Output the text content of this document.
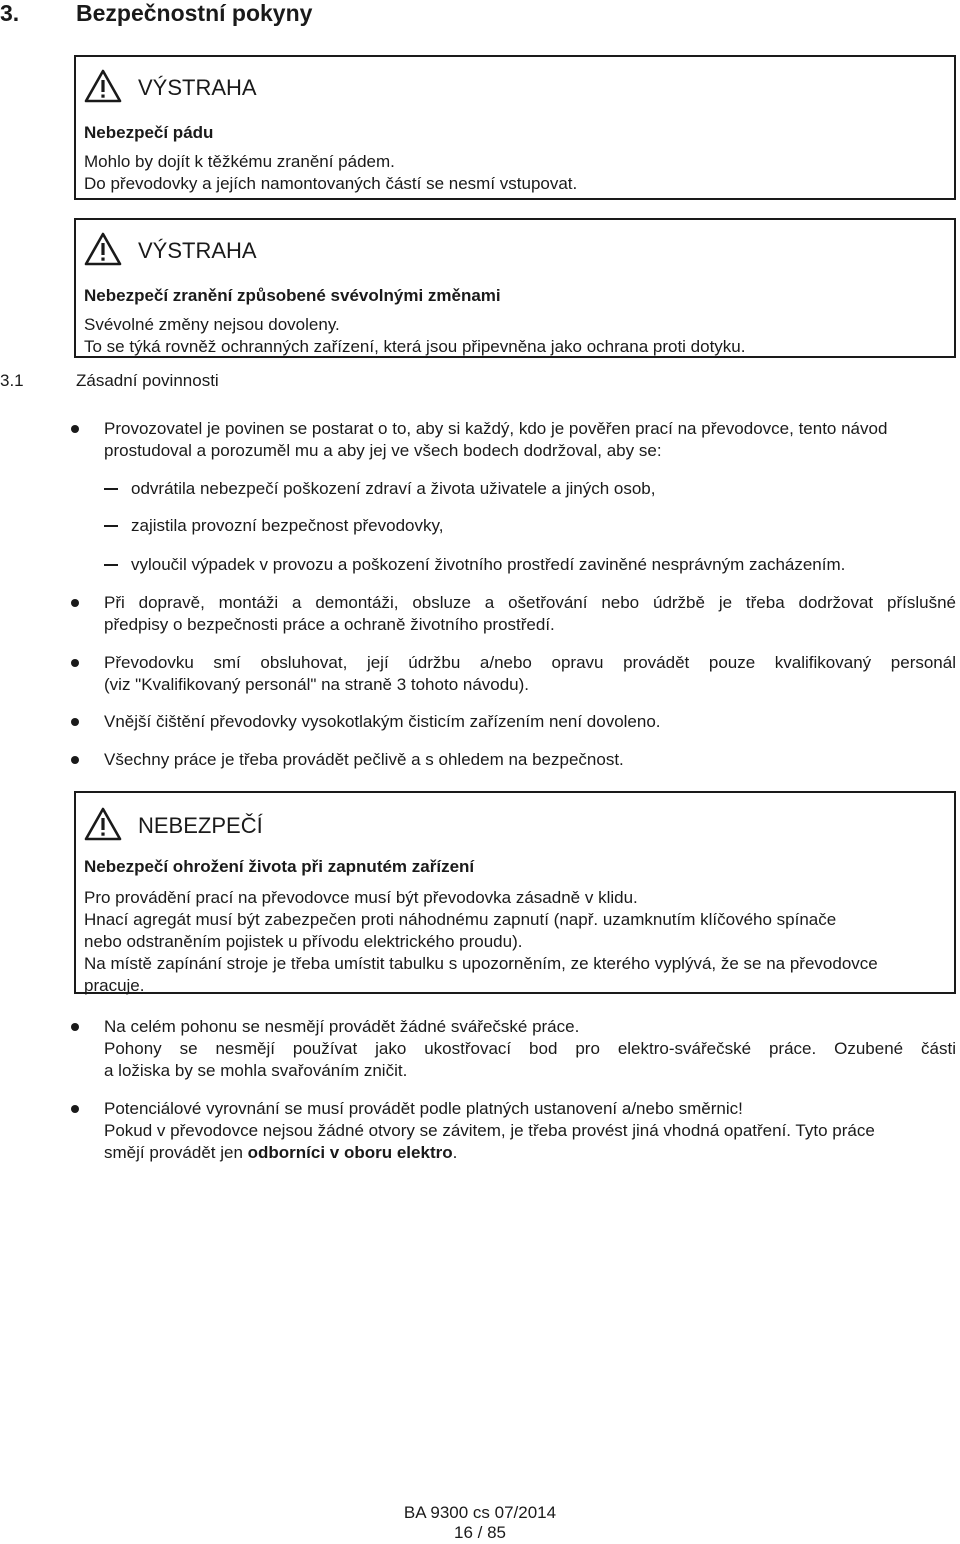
3. Bezpečnostní pokyny
VÝSTRAHA
Nebezpečí pádu
Mohlo by dojít k těžkému zranění pádem.
Do převodovky a jejích namontovaných částí se nesmí vstupovat.
VÝSTRAHA
Nebezpečí zranění způsobené svévolnými změnami
Svévolné změny nejsou dovoleny.
To se týká rovněž ochranných zařízení, která jsou připevněna jako ochrana proti dotyku.
3.1	Zásadní povinnosti
Provozovatel je povinen se postarat o to, aby si každý, kdo je pověřen prací na převodovce, tento návod
prostudoval a porozuměl mu a aby jej ve všech bodech dodržoval, aby se:
odvrátila nebezpečí poškození zdraví a života uživatele a jiných osob,
zajistila provozní bezpečnost převodovky,
vyloučil výpadek v provozu a poškození životního prostředí zaviněné nesprávným zacházením.
Při dopravě, montáži a demontáži, obsluze a ošetřování nebo údržbě je třeba dodržovat příslušné
předpisy o bezpečnosti práce a ochraně životního prostředí.
Převodovku smí obsluhovat, její údržbu a/nebo opravu provádět pouze kvalifikovaný personál
(viz "Kvalifikovaný personál" na straně 3 tohoto návodu).
Vnější čištění převodovky vysokotlakým čisticím zařízením není dovoleno.
Všechny práce je třeba provádět pečlivě a s ohledem na bezpečnost.
NEBEZPEČÍ
Nebezpečí ohrožení života při zapnutém zařízení
Pro provádění prací na převodovce musí být převodovka zásadně v klidu.
Hnací agregát musí být zabezpečen proti náhodnému zapnutí (např. uzamknutím klíčového spínače
nebo odstraněním pojistek u přívodu elektrického proudu).
Na místě zapínání stroje je třeba umístit tabulku s upozorněním, ze kterého vyplývá, že se na převodovce
pracuje.
Na celém pohonu se nesmějí provádět žádné svářečské práce.
Pohony se nesmějí používat jako ukostřovací bod pro elektro-svářečské práce. Ozubené části
a ložiska by se mohla svařováním zničit.
Potenciálové vyrovnání se musí provádět podle platných ustanovení a/nebo směrnic!
Pokud v převodovce nejsou žádné otvory se závitem, je třeba provést jiná vhodná opatření. Tyto práce
smějí provádět jen odborníci v oboru elektro.
BA 9300 cs 07/2014
16 / 85
